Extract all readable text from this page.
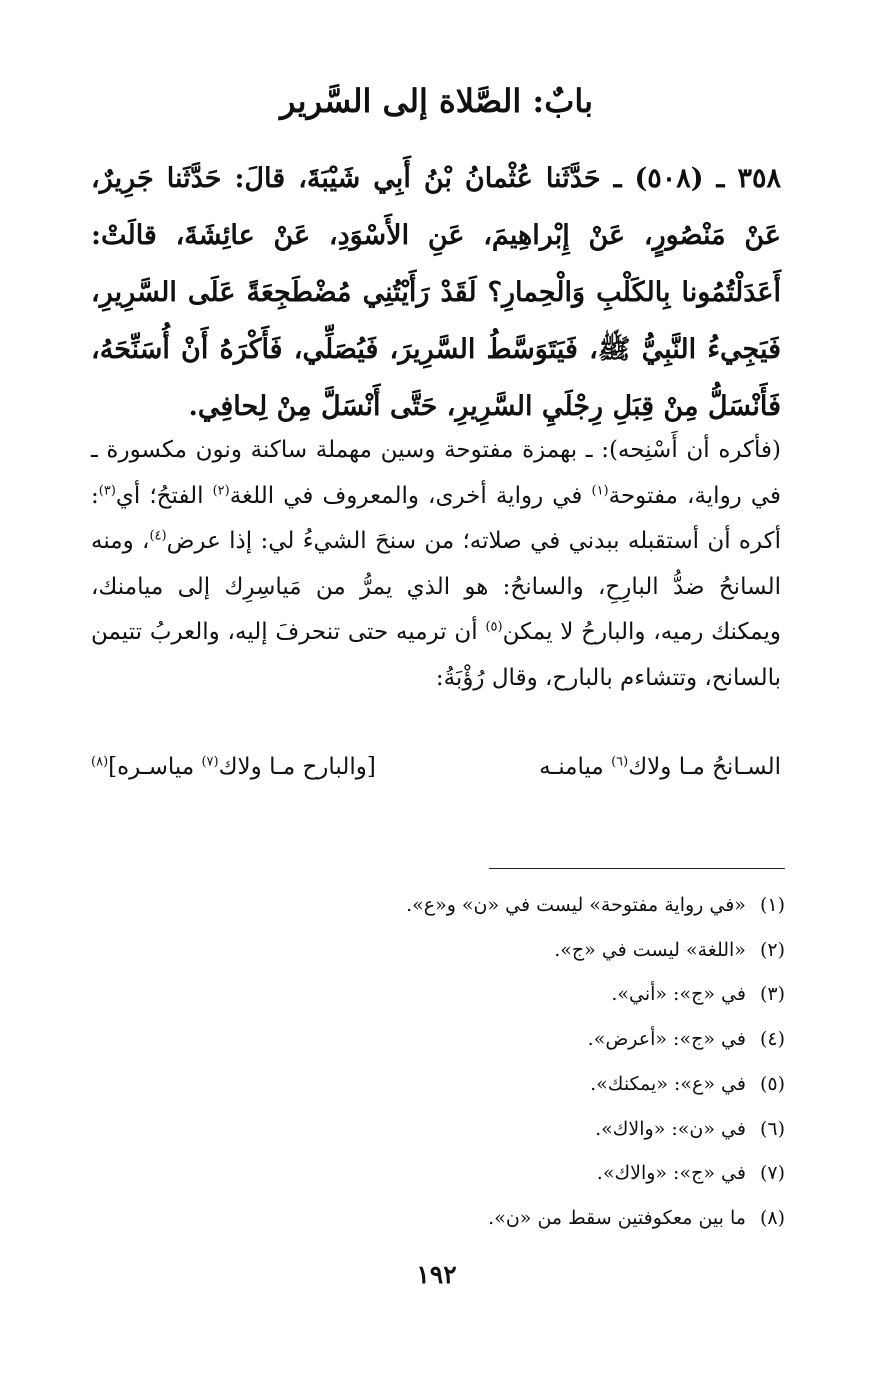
بابٌ: الصَّلاة إلى السَّرير
٣٥٨ ـ (٥٠٨) ـ حَدَّثَنا عُثْمانُ بْنُ أَبِي شَيْبَةَ، قالَ: حَدَّثَنا جَرِيرٌ، عَنْ مَنْصُورٍ، عَنْ إِبْراهِيمَ، عَنِ الأَسْوَدِ، عَنْ عائِشَةَ، قالَتْ: أَعَدَلْتُمُونا بِالكَلْبِ وَالْحِمارِ؟ لَقَدْ رَأَيْتُنِي مُضْطَجِعَةً عَلَى السَّرِيرِ، فَيَجِيءُ النَّبِيُّ ﷺ، فَيَتَوَسَّطُ السَّرِيرَ، فَيُصَلِّي، فَأَكْرَهُ أَنْ أُسَنِّحَهُ، فَأَنْسَلُّ مِنْ قِبَلِ رِجْلَيِ السَّرِيرِ، حَتَّى أَنْسَلَّ مِنْ لِحافِي.
(فأكره أن أَسْنِحه): ـ بهمزة مفتوحة وسين مهملة ساكنة ونون مكسورة ـ في رواية، مفتوحة$^{(١)}$ في رواية أخرى، والمعروف في اللغة$^{(٢)}$ الفتحُ؛ أي$^{(٣)}$: أكره أن أستقبله ببدني في صلاته؛ من سنحَ الشيءُ لي: إذا عرض$^{(٤)}$، ومنه السانحُ ضدُّ البارِحِ، والسانحُ: هو الذي يمرُّ من مَياسِرِك إلى ميامنك، ويمكنك رميه، والبارحُ لا يمكن$^{(٥)}$ أن ترميه حتى تنحرفَ إليه، والعربُ تتيمن بالسانح، وتتشاءم بالبارح، وقال رُؤْبَةُ:
السـانحُ مـا ولاك$^{(٦)}$ ميامنـه
[والبارح مـا ولاك$^{(٧)}$ مياسـره]$^{(٨)}$
(١)«في رواية مفتوحة» ليست في «ن» و«ع».
(٢)«اللغة» ليست في «ج».
(٣)في «ج»: «أني».
(٤)في «ج»: «أعرض».
(٥)في «ع»: «يمكنك».
(٦)في «ن»: «والاك».
(٧)في «ج»: «والاك».
(٨)ما بين معكوفتين سقط من «ن».
١٩٢
